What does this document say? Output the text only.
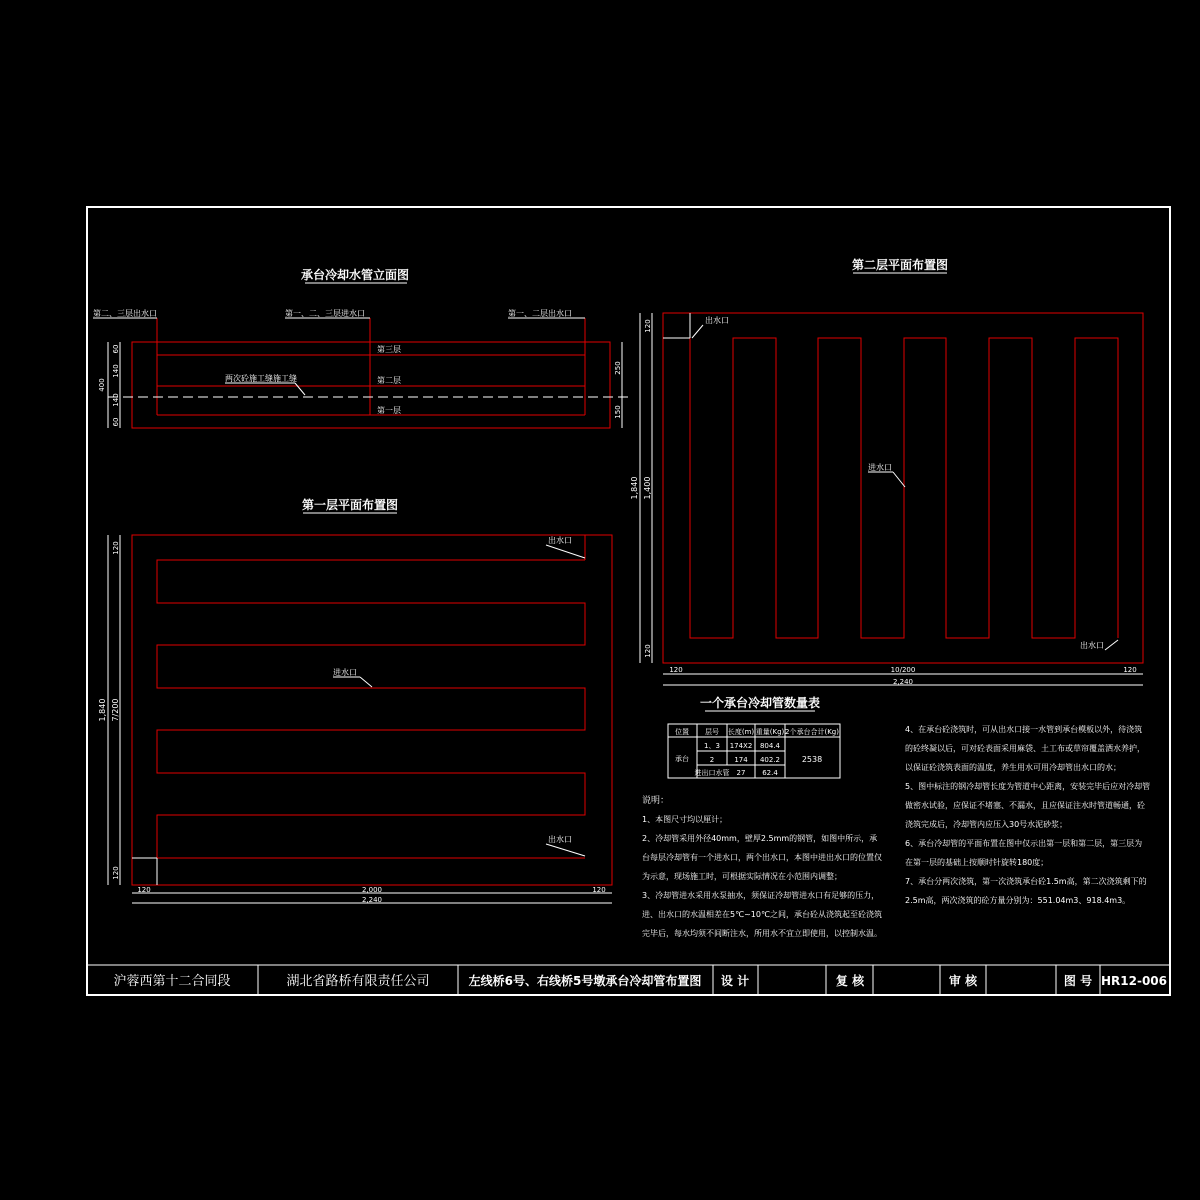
承台冷却水管立面图
第二、三层出水口	第一、二、三层进水口	第一、二层出水口
第三层
第二层
第一层
两次砼施工缝施工缝
400
60
140
140
60
250
150
第一层平面布置图
出水口
进水口
出水口
1,840 7/200
120
120
120	2,000	120
2,240
第二层平面布置图
出水口
进水口
出水口
1,840 1,400
120
120
120	10/200	120
2,240
一个承台冷却管数量表
位置 层号 长度(m) 重量(Kg) 2个承台合计(Kg)
承台
1、3 174X2 804.4
2	174 402.2
进出口水管 27 62.4
2538
说明：
1、本图尺寸均以厘计；
2、冷却管采用外径40mm，壁厚2.5mm的钢管，如图中所示，承
台每层冷却管有一个进水口，两个出水口，本图中进出水口的位置仅
为示意，现场施工时，可根据实际情况在小范围内调整；
3、冷却管进水采用水泵抽水，须保证冷却管进水口有足够的压力，
进、出水口的水温相差在5℃~10℃之间，承台砼从浇筑起至砼浇筑
完毕后，每水均须不间断注水，所用水不宜立即使用，以控制水温。
4、在承台砼浇筑时，可从出水口接一水管到承台模板以外，待浇筑
的砼终凝以后，可对砼表面采用麻袋、土工布或草帘覆盖洒水养护，
以保证砼浇筑表面的温度，养生用水可用冷却管出水口的水；
5、图中标注的钢冷却管长度为管道中心距离，安装完毕后应对冷却管
做密水试验，应保证不堵塞、不漏水，且应保证注水时管道畅通，砼
浇筑完成后，冷却管内应压入30号水泥砂浆；
6、承台冷却管的平面布置在图中仅示出第一层和第二层，第三层为
在第一层的基础上按顺时针旋转180度；
7、承台分两次浇筑，第一次浇筑承台砼1.5m高，第二次浇筑剩下的
2.5m高，两次浇筑的砼方量分别为：551.04m3、918.4m3。
沪蓉西第十二合同段	湖北省路桥有限责任公司	左线桥6号、右线桥5号墩承台冷却管布置图 设 计	复 核	审 核	图 号 HR12-006
